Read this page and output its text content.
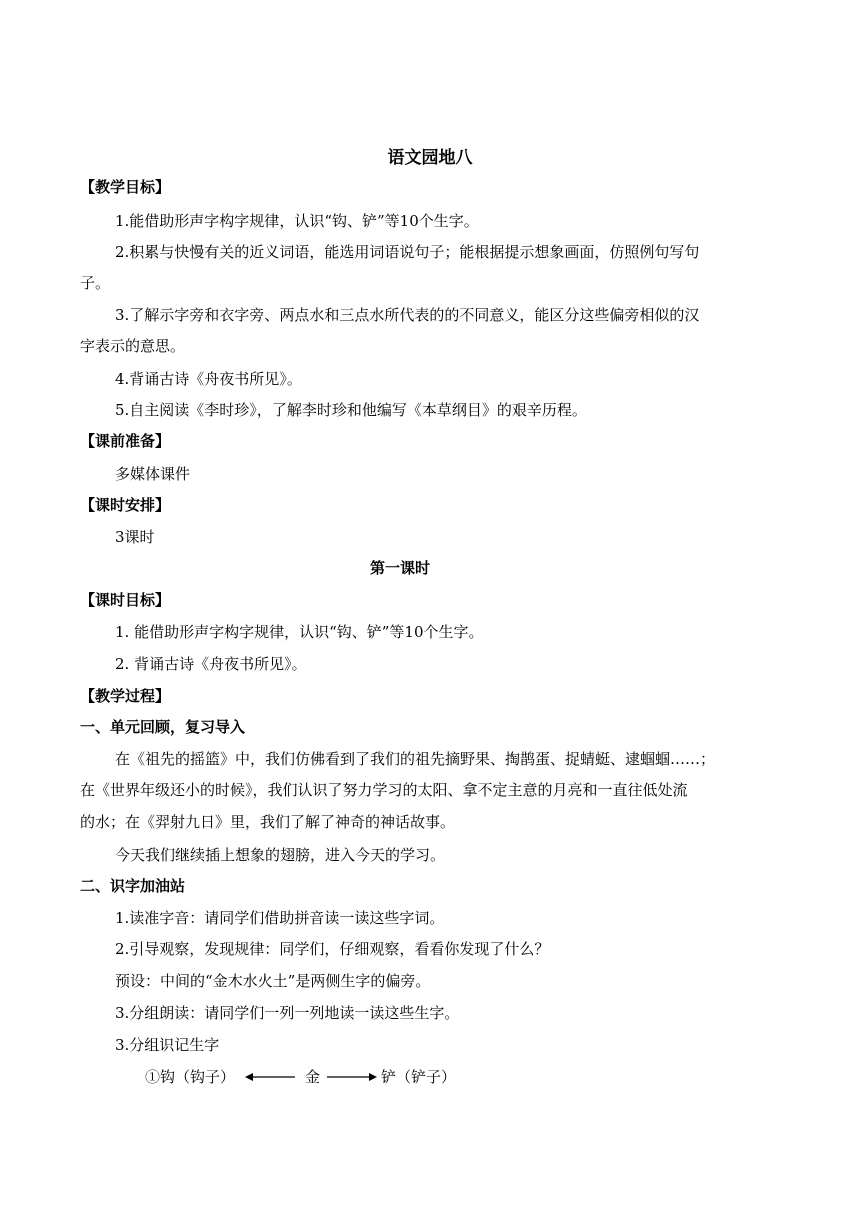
语文园地八
【教学目标】
1.能借助形声字构字规律，认识“钩、铲”等10个生字。
2.积累与快慢有关的近义词语，能选用词语说句子；能根据提示想象画面，仿照例句写句
子。
3.了解示字旁和衣字旁、两点水和三点水所代表的的不同意义，能区分这些偏旁相似的汉
字表示的意思。
4.背诵古诗《舟夜书所见》。
5.自主阅读《李时珍》，了解李时珍和他编写《本草纲目》的艰辛历程。
【课前准备】
多媒体课件
【课时安排】
3课时
第一课时
【课时目标】
1. 能借助形声字构字规律，认识“钩、铲”等10个生字。
2. 背诵古诗《舟夜书所见》。
【教学过程】
一、单元回顾，复习导入
在《祖先的摇篮》中，我们仿佛看到了我们的祖先摘野果、掏鹊蛋、捉蜻蜓、逮蝈蝈……；
在《世界年级还小的时候》，我们认识了努力学习的太阳、拿不定主意的月亮和一直往低处流
的水；在《羿射九日》里，我们了解了神奇的神话故事。
今天我们继续插上想象的翅膀，进入今天的学习。
二、识字加油站
1.读准字音：请同学们借助拼音读一读这些字词。
2.引导观察，发现规律：同学们，仔细观察，看看你发现了什么？
预设：中间的“金木水火土”是两侧生字的偏旁。
3.分组朗读：请同学们一列一列地读一读这些生字。
3.分组识记生字
①钩（钩子）	金	铲（铲子）
